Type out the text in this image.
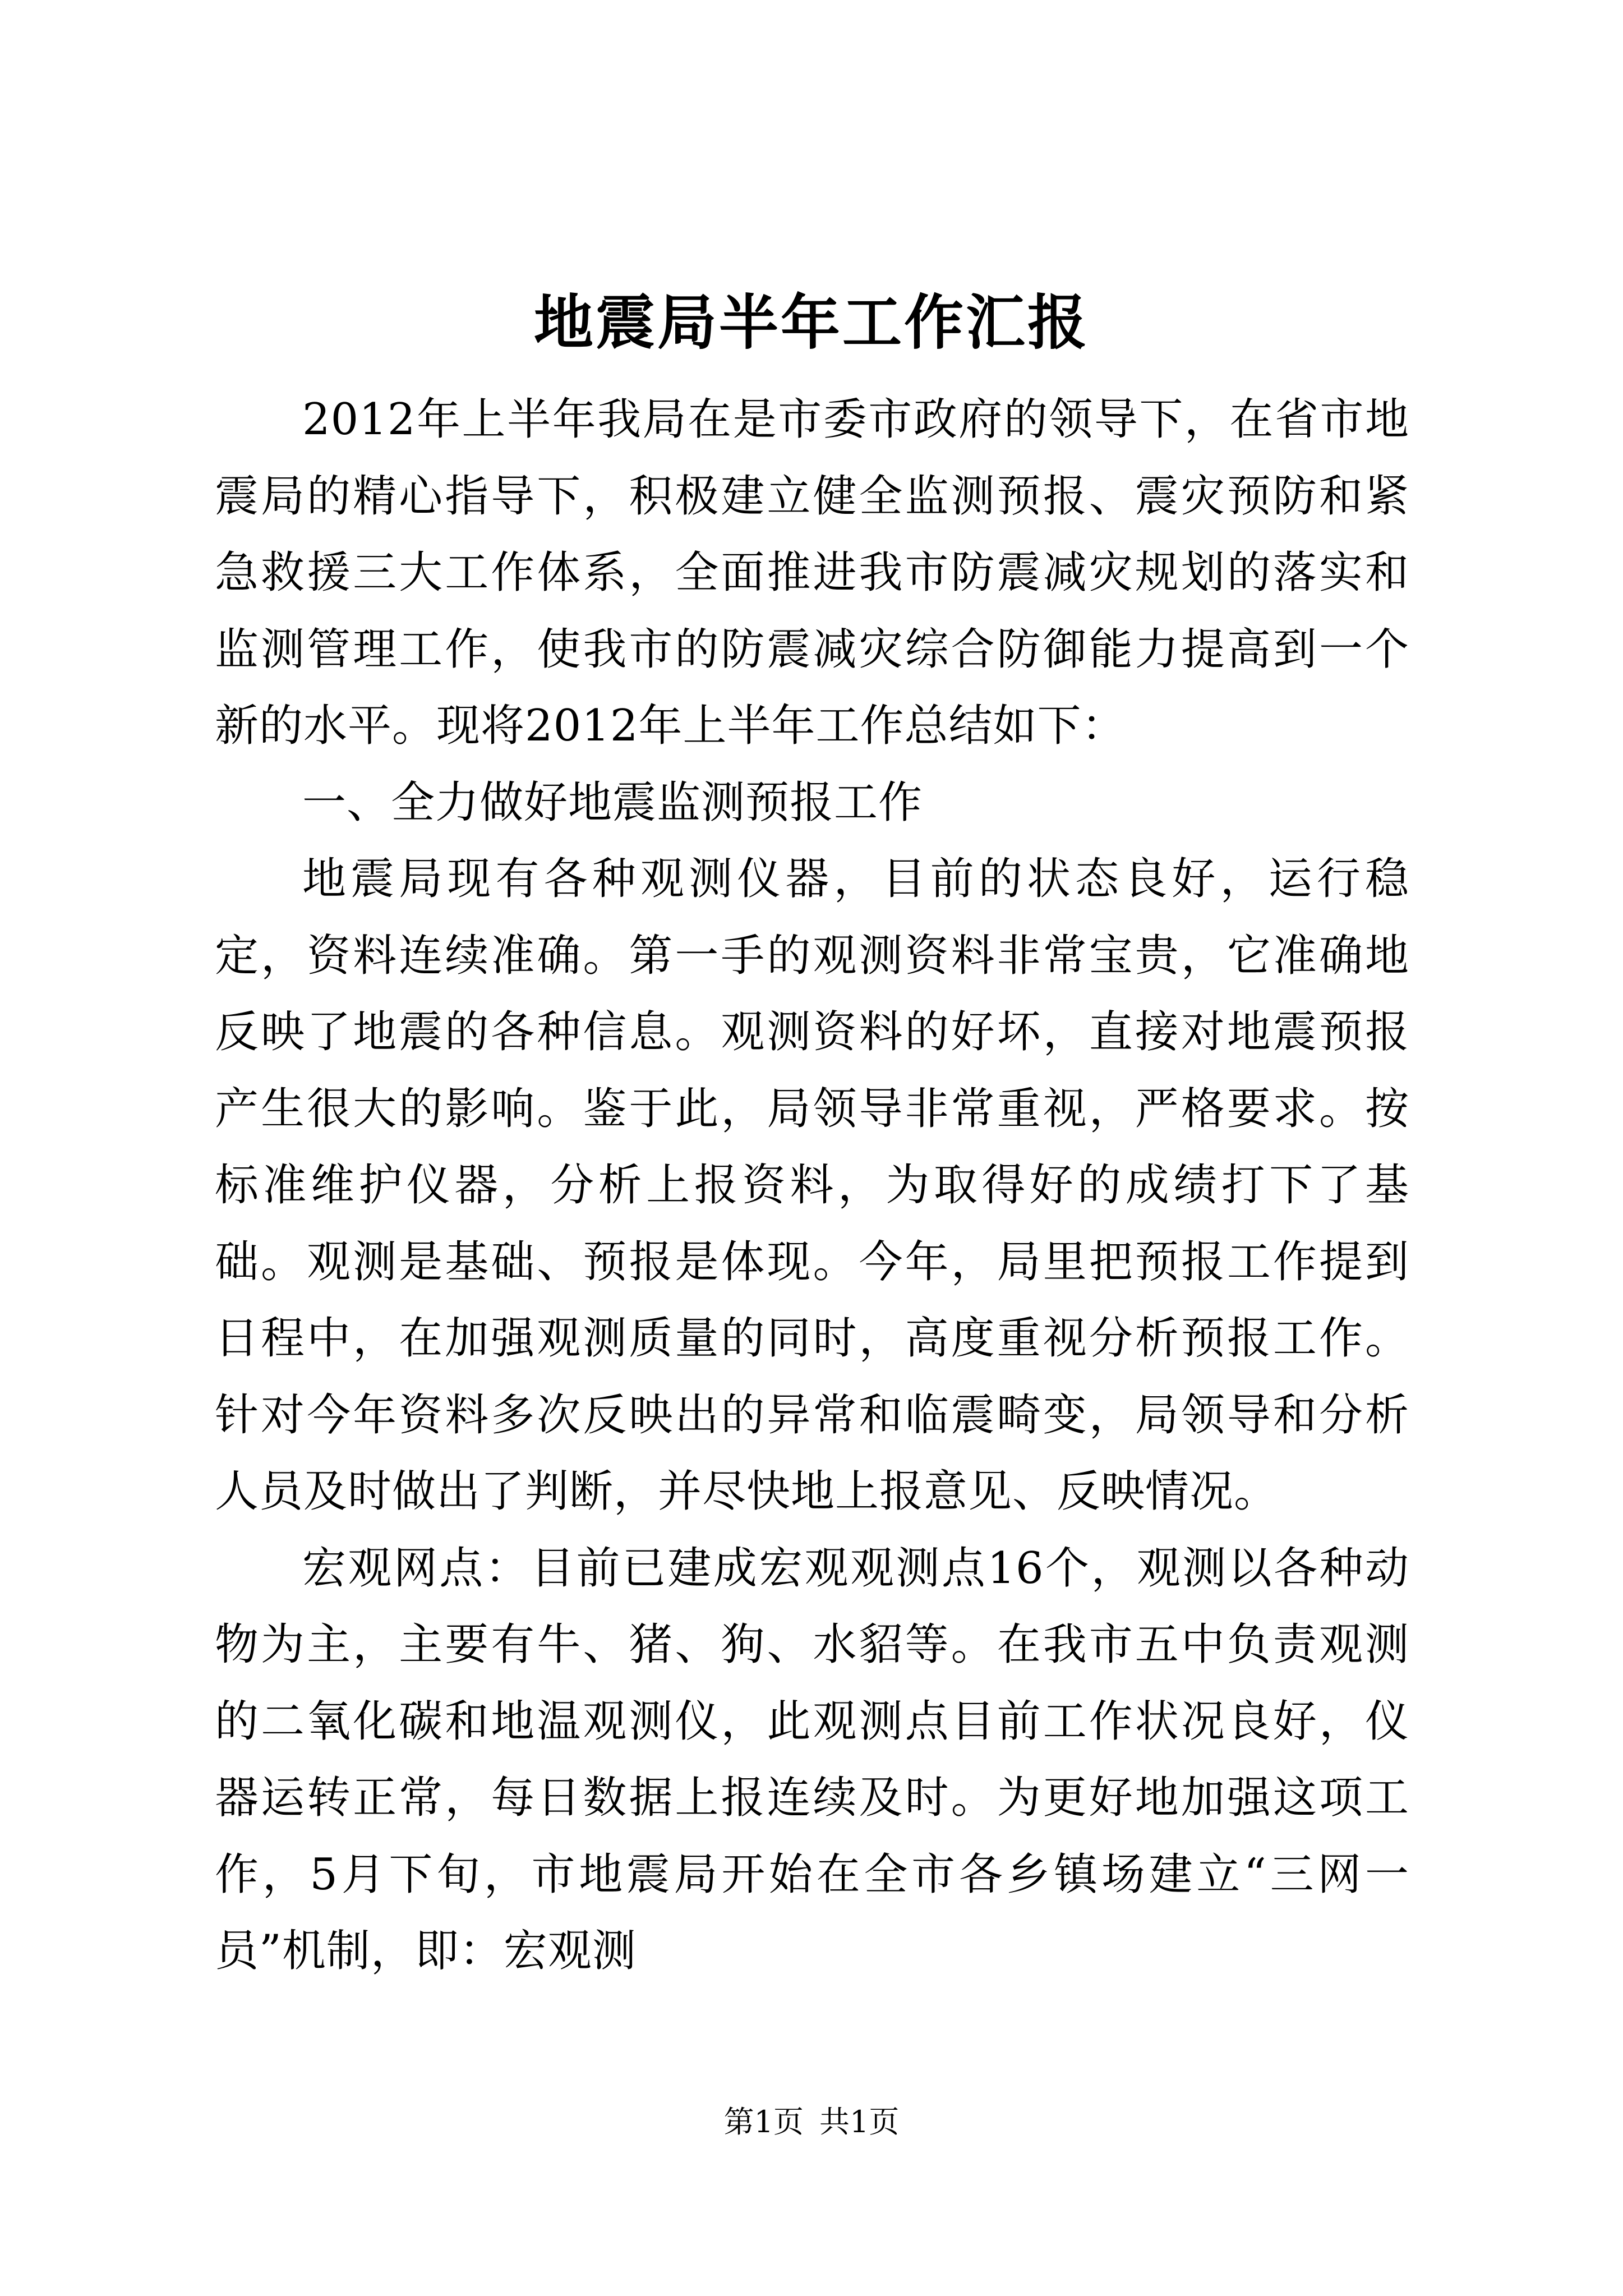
地震局半年工作汇报

2012年上半年我局在是市委市政府的领导下，在省市地震局的精心指导下，积极建立健全监测预报、震灾预防和紧急救援三大工作体系，全面推进我市防震减灾规划的落实和监测管理工作，使我市的防震减灾综合防御能力提高到一个新的水平。现将2012年上半年工作总结如下：

一、全力做好地震监测预报工作

地震局现有各种观测仪器，目前的状态良好，运行稳定，资料连续准确。第一手的观测资料非常宝贵，它准确地反映了地震的各种信息。观测资料的好坏，直接对地震预报产生很大的影响。鉴于此，局领导非常重视，严格要求。按标准维护仪器，分析上报资料，为取得好的成绩打下了基础。观测是基础、预报是体现。今年，局里把预报工作提到日程中，在加强观测质量的同时，高度重视分析预报工作。针对今年资料多次反映出的异常和临震畸变，局领导和分析人员及时做出了判断，并尽快地上报意见、反映情况。

宏观网点：目前已建成宏观观测点16个，观测以各种动物为主，主要有牛、猪、狗、水貂等。在我市五中负责观测的二氧化碳和地温观测仪，此观测点目前工作状况良好，仪器运转正常，每日数据上报连续及时。为更好地加强这项工作，5月下旬，市地震局开始在全市各乡镇场建立“三网一员”机制，即：宏观测

第1页 共1页
